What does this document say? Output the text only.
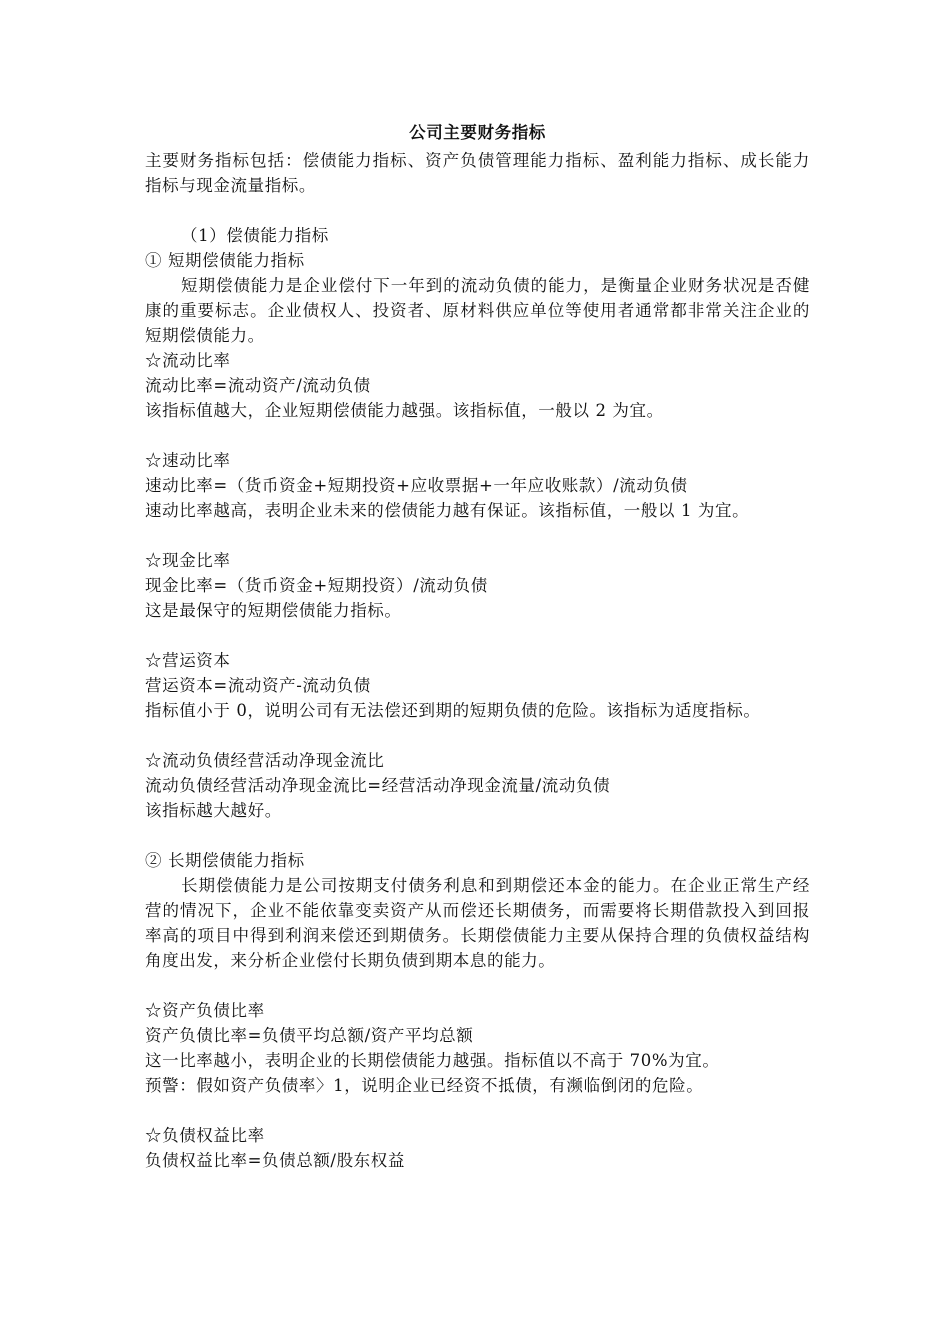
公司主要财务指标
主要财务指标包括：偿债能力指标、资产负债管理能力指标、盈利能力指标、成长能力指标与现金流量指标。
（1）偿债能力指标
① 短期偿债能力指标
短期偿债能力是企业偿付下一年到的流动负债的能力，是衡量企业财务状况是否健康的重要标志。企业债权人、投资者、原材料供应单位等使用者通常都非常关注企业的短期偿债能力。
☆流动比率
流动比率=流动资产/流动负债
该指标值越大，企业短期偿债能力越强。该指标值，一般以 2 为宜。
☆速动比率
速动比率=（货币资金+短期投资+应收票据+一年应收账款）/流动负债
速动比率越高，表明企业未来的偿债能力越有保证。该指标值，一般以 1 为宜。
☆现金比率
现金比率=（货币资金+短期投资）/流动负债
这是最保守的短期偿债能力指标。
☆营运资本
营运资本=流动资产-流动负债
指标值小于 0，说明公司有无法偿还到期的短期负债的危险。该指标为适度指标。
☆流动负债经营活动净现金流比
流动负债经营活动净现金流比=经营活动净现金流量/流动负债
该指标越大越好。
② 长期偿债能力指标
长期偿债能力是公司按期支付债务利息和到期偿还本金的能力。在企业正常生产经营的情况下，企业不能依靠变卖资产从而偿还长期债务，而需要将长期借款投入到回报率高的项目中得到利润来偿还到期债务。长期偿债能力主要从保持合理的负债权益结构角度出发，来分析企业偿付长期负债到期本息的能力。
☆资产负债比率
资产负债比率=负债平均总额/资产平均总额
这一比率越小，表明企业的长期偿债能力越强。指标值以不高于 70%为宜。
预警：假如资产负债率〉1，说明企业已经资不抵债，有濒临倒闭的危险。
☆负债权益比率
负债权益比率=负债总额/股东权益
